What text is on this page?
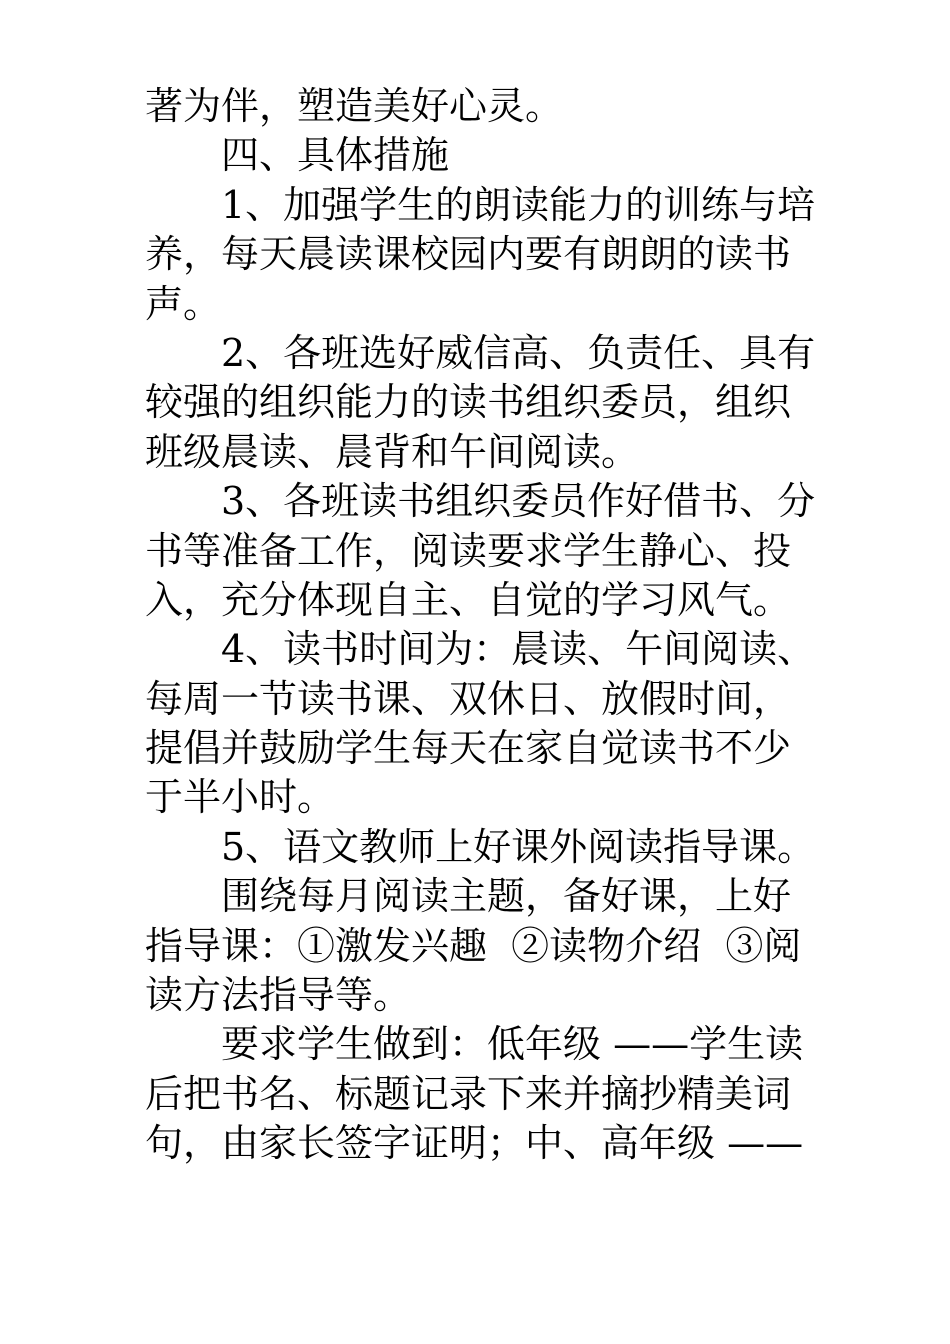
著为伴，塑造美好心灵。
四、具体措施
1、加强学生的朗读能力的训练与培
养，每天晨读课校园内要有朗朗的读书
声。
2、各班选好威信高、负责任、具有
较强的组织能力的读书组织委员，组织
班级晨读、晨背和午间阅读。
3、各班读书组织委员作好借书、分
书等准备工作，阅读要求学生静心、投
入，充分体现自主、自觉的学习风气。
4、读书时间为：晨读、午间阅读、
每周一节读书课、双休日、放假时间，
提倡并鼓励学生每天在家自觉读书不少
于半小时。
5、语文教师上好课外阅读指导课。
围绕每月阅读主题，备好课，上好
指导课：①激发兴趣  ②读物介绍  ③阅
读方法指导等。
要求学生做到：低年级 ——学生读
后把书名、标题记录下来并摘抄精美词
句，由家长签字证明；中、高年级 ——
